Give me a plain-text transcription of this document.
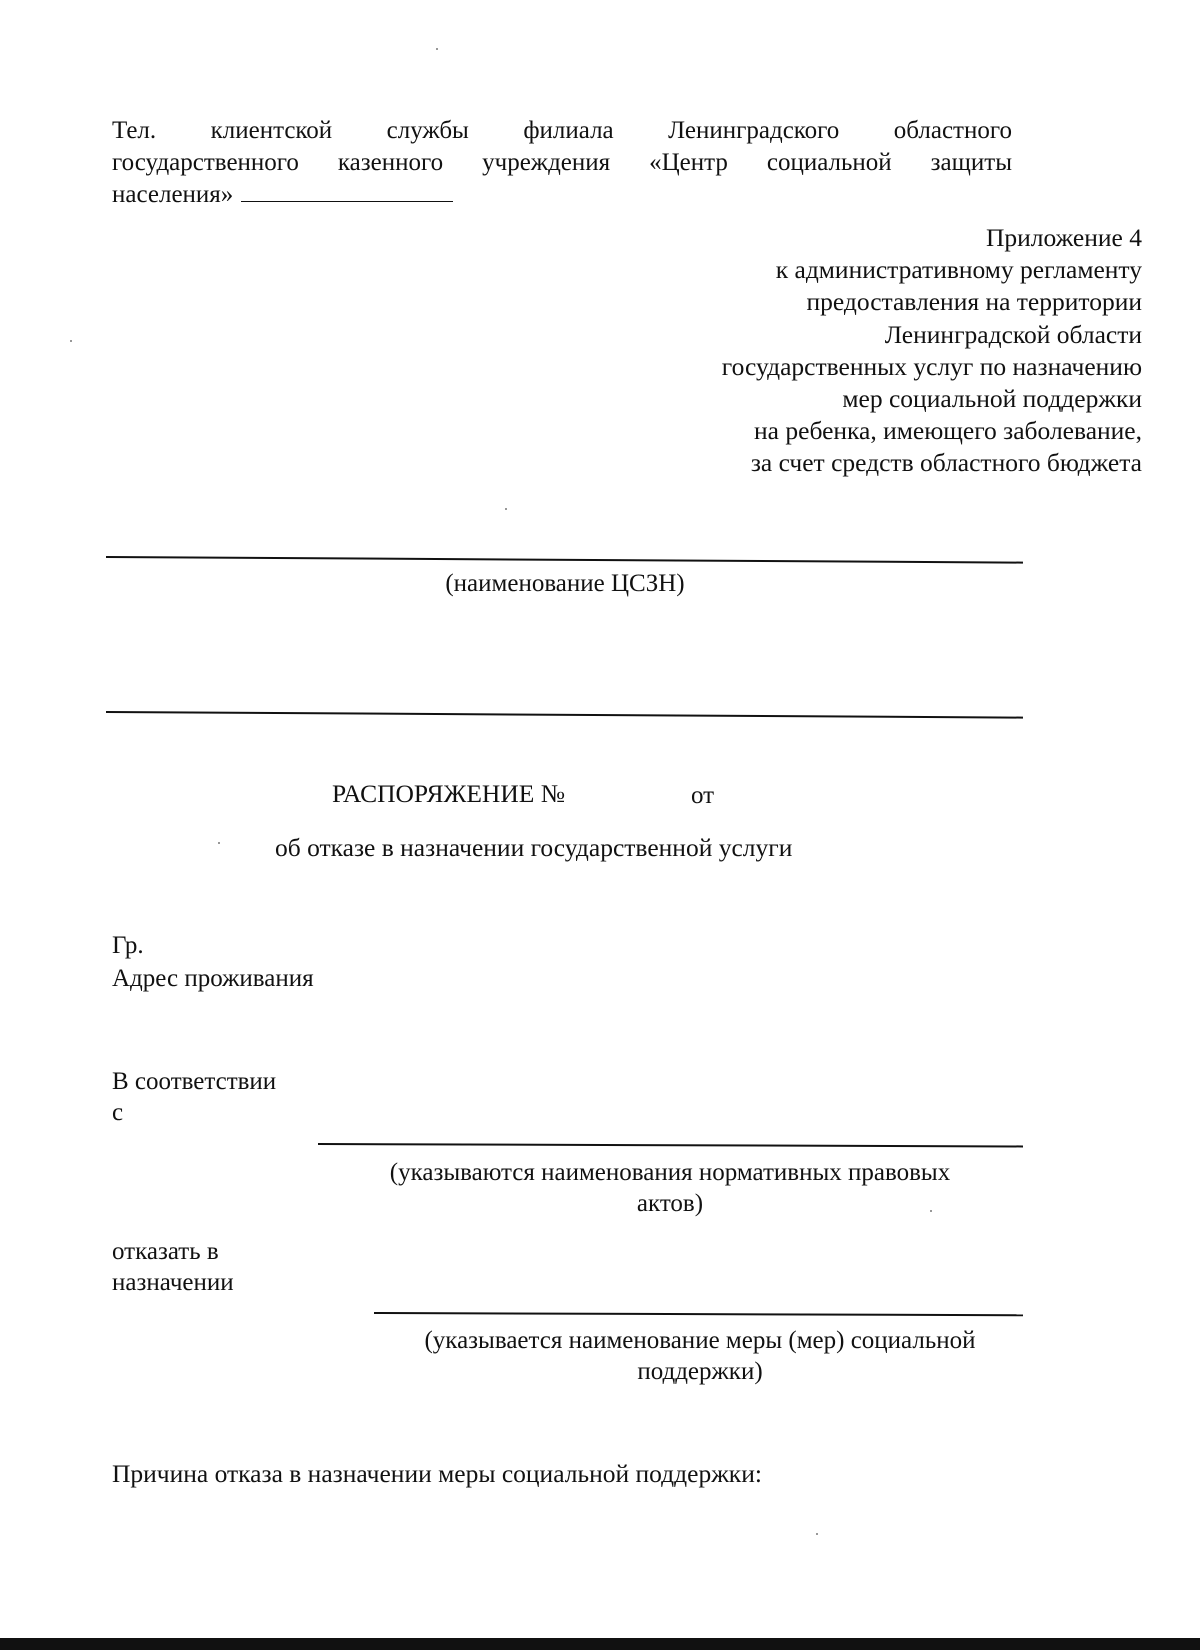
Тел. клиентской службы филиала Ленинградского областного
государственного казенного учреждения «Центр социальной защиты
населения»
Приложение 4
к административному регламенту
предоставления на территории
Ленинградской области
государственных услуг по назначению
мер социальной поддержки
на ребенка, имеющего заболевание,
за счет средств областного бюджета
(наименование ЦСЗН)
РАСПОРЯЖЕНИЕ №	от
об отказе в назначении государственной услуги
Гр.
Адрес проживания
В соответствии
с
(указываются наименования нормативных правовых
актов)
отказать в
назначении
(указывается наименование меры (мер) социальной
поддержки)
Причина отказа в назначении меры социальной поддержки:
